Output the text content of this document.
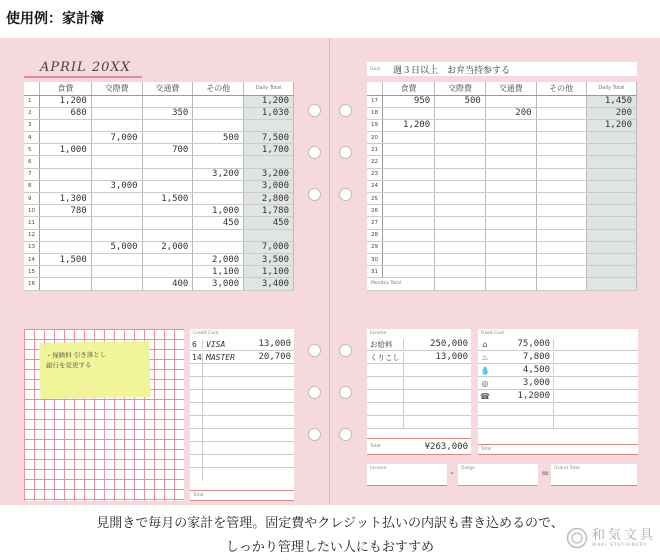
使用例：家計簿
APRIL 20XX
	食費	交際費	交通費	その他	Daily Total
1	1,200				1,200
2	680		350		1,030
3					
4		7,000		500	7,500
5	1,000		700		1,700
6					
7				3,200	3,200
8		3,000			3,000
9	1,300		1,500		2,800
10	780			1,000	1,780
11				450	450
12					
13		5,000	2,000		7,000
14	1,500			2,000	3,500
15				1,100	1,100
16			400	3,000	3,400
・保険料 引き落とし
銀行を変更する
Credit Card
6	VISA	13,000
14 MASTER	20,700
Total
Goal	週３日以上　お弁当持参する
	食費	交際費	交通費	その他	Daily Total
17	950	500			1,450
18			200		200
19	1,200				1,200
20					
21					
22					
23					
24					
25					
26					
27					
28					
29					
30					
31					
Monthly Total					
Income
お給料	250,000
くりこし	13,000
Total	¥263,000
Fixed Cost
⌂	75,000
♨	7,800
💧	4,500
◎	3,000
☎	1,2000
Total
Income	-	Outgo	=	Grand Total
見開きで毎月の家計を管理。固定費やクレジット払いの内訳も書き込めるので、
しっかり管理したい人にもおすすめ
和気文具
WAKI STATIONERY
